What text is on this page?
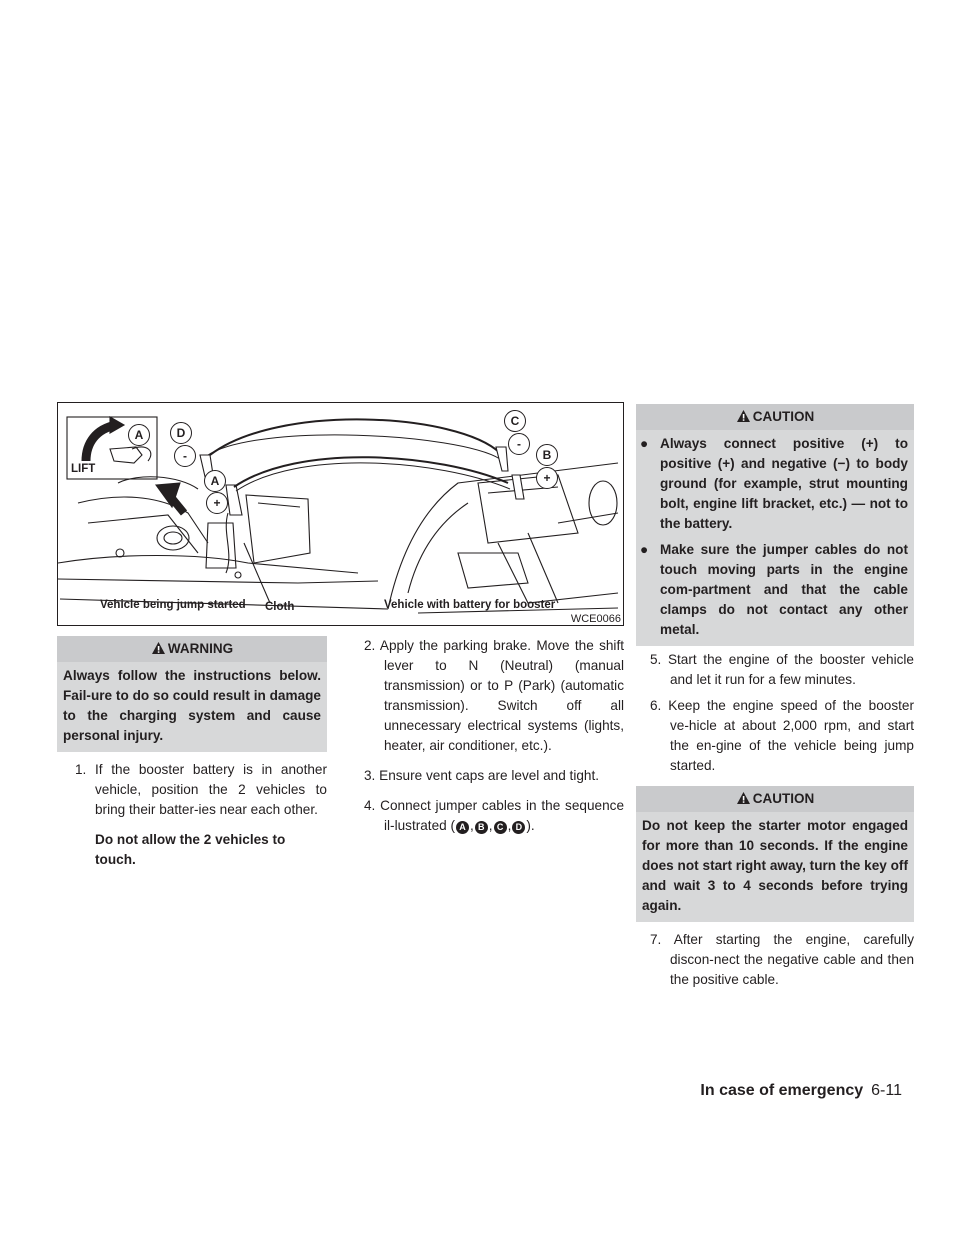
LIFT
A	D
-
A
+
C
-
B
+
Vehicle being jump started Cloth	Vehicle with battery for booster
WCE0066
WARNING
Always follow the instructions below. Fail-ure to do so could result in damage to the charging system and cause personal injury.

1. If the booster battery is in another vehicle, position the 2 vehicles to bring their batter-ies near each other.

Do not allow the 2 vehicles to touch.

2. Apply the parking brake. Move the shift lever to N (Neutral) (manual transmission) or to P (Park) (automatic transmission). Switch off all unnecessary electrical systems (lights, heater, air conditioner, etc.).

3. Ensure vent caps are level and tight.

4. Connect jumper cables in the sequence il-lustrated ( A , B , C , D ).

CAUTION
● Always connect positive (+) to positive (+) and negative (−) to body ground (for example, strut mounting bolt, engine lift bracket, etc.) — not to the battery.
● Make sure the jumper cables do not touch moving parts in the engine com-partment and that the cable clamps do not contact any other metal.

5. Start the engine of the booster vehicle and let it run for a few minutes.

6. Keep the engine speed of the booster ve-hicle at about 2,000 rpm, and start the en-gine of the vehicle being jump started.

CAUTION
Do not keep the starter motor engaged for more than 10 seconds. If the engine does not start right away, turn the key off and wait 3 to 4 seconds before trying again.

7. After starting the engine, carefully discon-nect the negative cable and then the positive cable.

In case of emergency 6-11
